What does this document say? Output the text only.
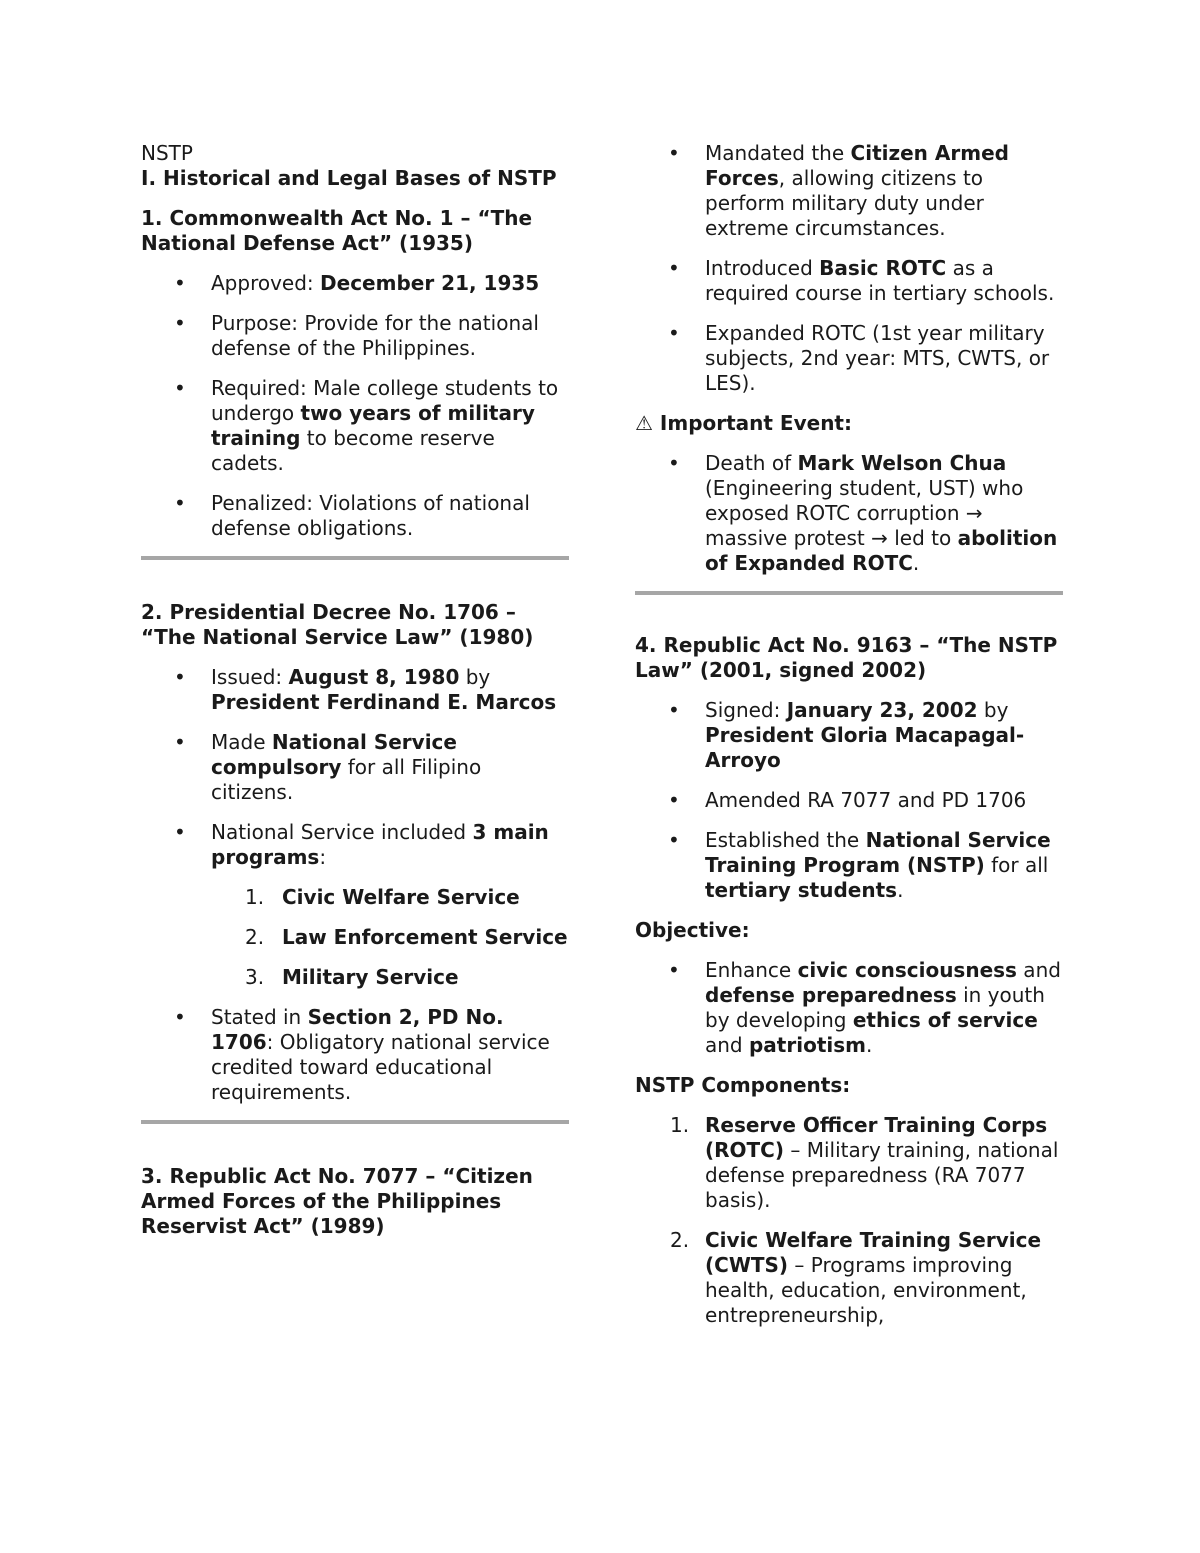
NSTP

I. Historical and Legal Bases of NSTP

1. Commonwealth Act No. 1 – “The National Defense Act” (1935)

• Approved: December 21, 1935
• Purpose: Provide for the national defense of the Philippines.
• Required: Male college students to undergo two years of military training to become reserve cadets.
• Penalized: Violations of national defense obligations.

2. Presidential Decree No. 1706 – “The National Service Law” (1980)

• Issued: August 8, 1980 by President Ferdinand E. Marcos
• Made National Service compulsory for all Filipino citizens.
• National Service included 3 main programs:
1. Civic Welfare Service
2. Law Enforcement Service
3. Military Service
• Stated in Section 2, PD No. 1706: Obligatory national service credited toward educational requirements.

3. Republic Act No. 7077 – “Citizen Armed Forces of the Philippines Reservist Act” (1989)

• Mandated the Citizen Armed Forces, allowing citizens to perform military duty under extreme circumstances.
• Introduced Basic ROTC as a required course in tertiary schools.
• Expanded ROTC (1st year military subjects, 2nd year: MTS, CWTS, or LES).

⚠ Important Event:

• Death of Mark Welson Chua (Engineering student, UST) who exposed ROTC corruption → massive protest → led to abolition of Expanded ROTC.

4. Republic Act No. 9163 – “The NSTP Law” (2001, signed 2002)

• Signed: January 23, 2002 by President Gloria Macapagal-Arroyo
• Amended RA 7077 and PD 1706
• Established the National Service Training Program (NSTP) for all tertiary students.

Objective:

• Enhance civic consciousness and defense preparedness in youth by developing ethics of service and patriotism.

NSTP Components:

1. Reserve Officer Training Corps (ROTC) – Military training, national defense preparedness (RA 7077 basis).
2. Civic Welfare Training Service (CWTS) – Programs improving health, education, environment, entrepreneurship,
